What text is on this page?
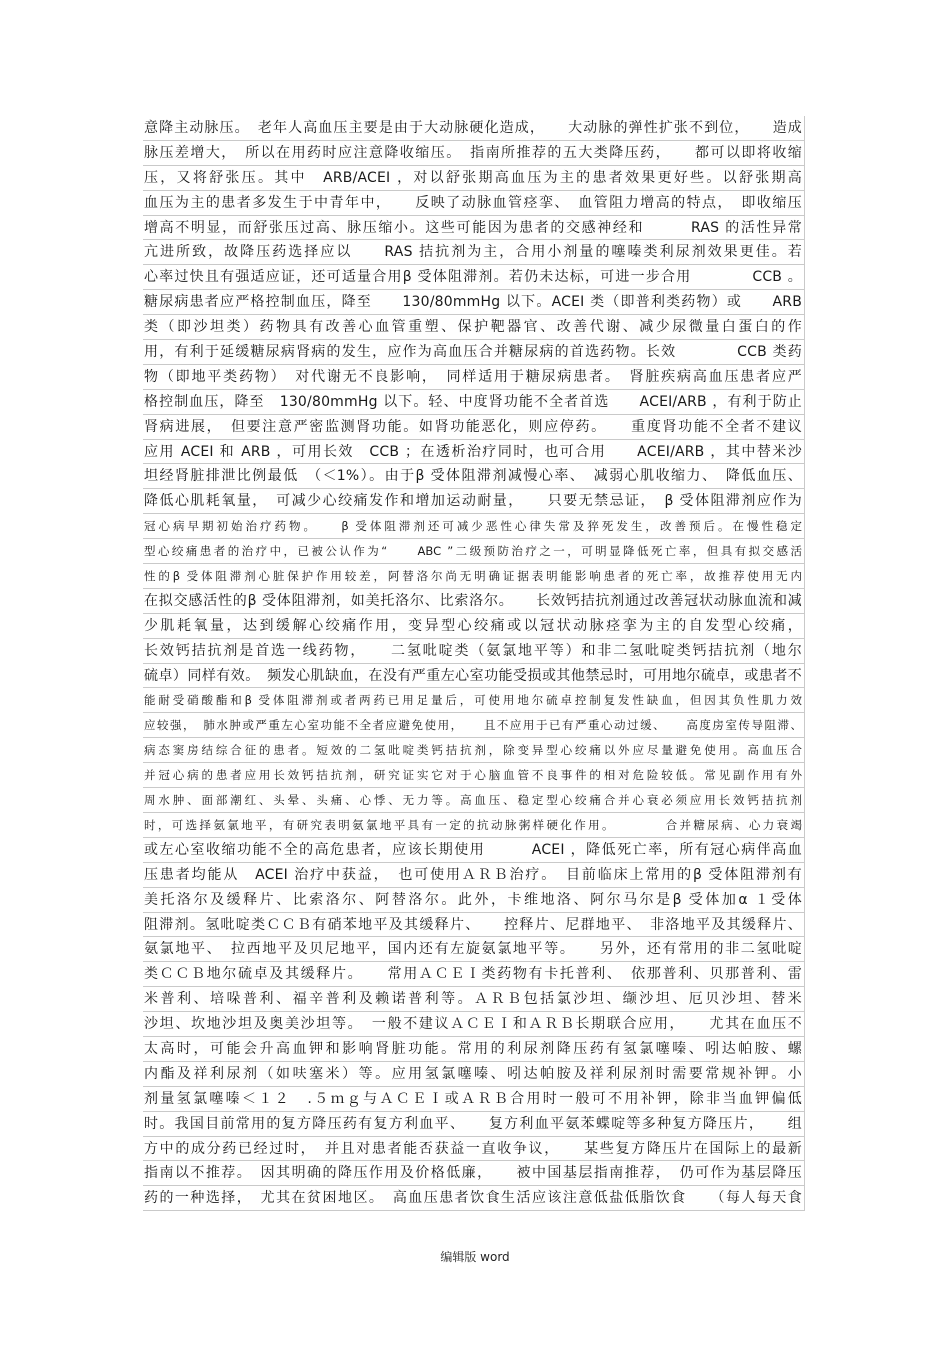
意降主动脉压。　老年人高血压主要是由于大动脉硬化造成，　　大动脉的弹性扩张不到位，　　造成
脉压差增大，　所以在用药时应注意降收缩压。　指南所推荐的五大类降压药，　　都可以即将收缩
压，又将舒张压。其中　ARB/ACEI ，对以舒张期高血压为主的患者效果更好些。以舒张期高
血压为主的患者多发生于中青年中，　　反映了动脉血管痉挛、　血管阻力增高的特点，　即收缩压
增高不明显，而舒张压过高、脉压缩小。这些可能因为患者的交感神经和　　　RAS 的活性异常
亢进所致，故降压药选择应以　　RAS 拮抗剂为主，合用小剂量的噻嗪类利尿剂效果更佳。若
心率过快且有强适应证，还可适量合用β 受体阻滞剂。若仍未达标，可进一步合用　　　　CCB 。
糖尿病患者应严格控制血压，降至　　130/80mmHg 以下。ACEI 类（即普利类药物）或　　ARB
类（即沙坦类）药物具有改善心血管重塑、保护靶器官、改善代谢、减少尿微量白蛋白的作
用，有利于延缓糖尿病肾病的发生，应作为高血压合并糖尿病的首选药物。长效　　　　CCB 类药
物（即地平类药物）　对代谢无不良影响，　同样适用于糖尿病患者。　肾脏疾病高血压患者应严
格控制血压，降至　130/80mmHg 以下。轻、中度肾功能不全者首选　　ACEI/ARB ，有利于防止
肾病进展，　但要注意严密监测肾功能。如肾功能恶化，则应停药。　　重度肾功能不全者不建议
应用 ACEI 和 ARB ，可用长效　CCB ；在透析治疗同时，也可合用　　ACEI/ARB ，其中替米沙
坦经肾脏排泄比例最低　（＜1%）。由于β 受体阻滞剂减慢心率、　减弱心肌收缩力、　降低血压、
降低心肌耗氧量，　可减少心绞痛发作和增加运动耐量，　　只要无禁忌证，　β 受体阻滞剂应作为
冠心病早期初始治疗药物。　　β 受体阻滞剂还可减少恶性心律失常及猝死发生，改善预后。在慢性稳定
型心绞痛患者的治疗中，已被公认作为“　　ABC ”二级预防治疗之一，可明显降低死亡率，但具有拟交感活
性的β 受体阻滞剂心脏保护作用较差，阿替洛尔尚无明确证据表明能影响患者的死亡率，故推荐使用无内
在拟交感活性的β 受体阻滞剂，如美托洛尔、比索洛尔。　　长效钙拮抗剂通过改善冠状动脉血流和减
少肌耗氧量，达到缓解心绞痛作用，变异型心绞痛或以冠状动脉痉挛为主的自发型心绞痛，
长效钙拮抗剂是首选一线药物，　　二氢吡啶类（氨氯地平等）和非二氢吡啶类钙拮抗剂（地尔
硫卓）同样有效。　频发心肌缺血，在没有严重左心室功能受损或其他禁忌时，可用地尔硫卓，或患者不
能耐受硝酸酯和β 受体阻滞剂或者两药已用足量后，可使用地尔硫卓控制复发性缺血，但因其负性肌力效
应较强，　肺水肿或严重左心室功能不全者应避免使用，　　且不应用于已有严重心动过缓、　　高度房室传导阻滞、
病态窦房结综合征的患者。短效的二氢吡啶类钙拮抗剂，除变异型心绞痛以外应尽量避免使用。高血压合
并冠心病的患者应用长效钙拮抗剂，研究证实它对于心脑血管不良事件的相对危险较低。常见副作用有外
周水肿、面部潮红、头晕、头痛、心悸、无力等。高血压、稳定型心绞痛合并心衰必须应用长效钙拮抗剂
时，可选择氨氯地平，有研究表明氨氯地平具有一定的抗动脉粥样硬化作用。　　　　合并糖尿病、心力衰竭
或左心室收缩功能不全的高危患者，应该长期使用　　　ACEI ，降低死亡率，所有冠心病伴高血
压患者均能从　ACEI 治疗中获益，　也可使用ＡＲＢ治疗。　目前临床上常用的β 受体阻滞剂有
美托洛尔及缓释片、比索洛尔、阿替洛尔。此外，卡维地洛、阿尔马尔是β 受体加α １受体
阻滞剂。氢吡啶类ＣＣＢ有硝苯地平及其缓释片、　　控释片、尼群地平、　非洛地平及其缓释片、
氨氯地平、　拉西地平及贝尼地平，国内还有左旋氨氯地平等。　　另外，还有常用的非二氢吡啶
类ＣＣＢ地尔硫卓及其缓释片。　　常用ＡＣＥＩ类药物有卡托普利、　依那普利、贝那普利、雷
米普利、培哚普利、福辛普利及赖诺普利等。ＡＲＢ包括氯沙坦、缬沙坦、厄贝沙坦、替米
沙坦、坎地沙坦及奥美沙坦等。　一般不建议ＡＣＥＩ和ＡＲＢ长期联合应用，　　尤其在血压不
太高时，可能会升高血钾和影响肾脏功能。常用的利尿剂降压药有氢氯噻嗪、吲达帕胺、螺
内酯及祥利尿剂（如呋塞米）等。应用氢氯噻嗪、吲达帕胺及祥利尿剂时需要常规补钾。小
剂量氢氯噻嗪＜１２　.５ｍｇ与ＡＣＥＩ或ＡＲＢ合用时一般可不用补钾，除非当血钾偏低
时。我国目前常用的复方降压药有复方利血平、　　复方利血平氨苯蝶啶等多种复方降压片，　　组
方中的成分药已经过时，　并且对患者能否获益一直收争议，　　某些复方降压片在国际上的最新
指南以不推荐。　因其明确的降压作用及价格低廉，　　被中国基层指南推荐，　仍可作为基层降压
药的一种选择，　尤其在贫困地区。　高血压患者饮食生活应该注意低盐低脂饮食　　（每人每天食
编辑版 word
